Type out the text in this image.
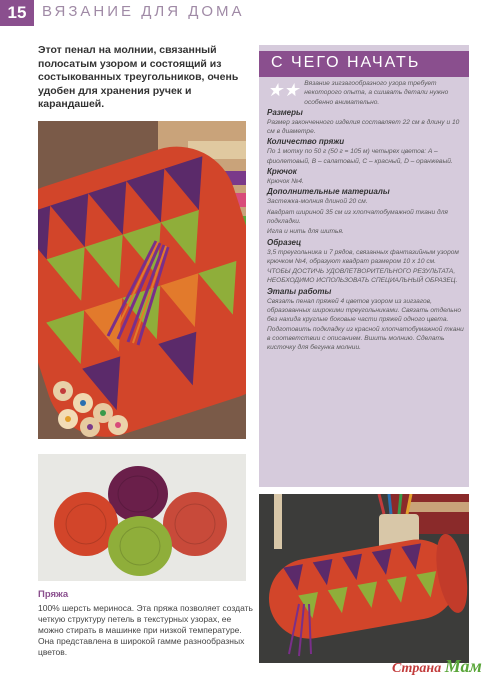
15	ВЯЗАНИЕ ДЛЯ ДОМА
Этот пенал на молнии, связанный полосатым узором и состоящий из состыкованных треугольников, очень удобен для хранения ручек и карандашей.
С ЧЕГО НАЧАТЬ

★★ Вязание зигзагообразного узора требует некоторого опыта, а сшивать детали нужно особенно внимательно.

Размеры

Размер законченного изделия составляет 22 см в длину и 10 см в диаметре.

Количество пряжи

По 1 мотку по 50 г (50 г = 105 м) четырех цветов: A – фиолетовый, B – салатовый, C – красный, D – оранжевый.

Крючок

Крючок №4.

Дополнительные материалы

Застежка-молния длиной 20 см.

Квадрат шириной 35 см из хлопчатобумажной ткани для подкладки.

Игла и нить для шитья.

Образец

3,5 треугольника и 7 рядов, связанных фантазийным узором крючком №4, образуют квадрат размером 10 x 10 см.

ЧТОБЫ ДОСТИЧЬ УДОВЛЕТВОРИТЕЛЬНОГО РЕЗУЛЬТАТА, НЕОБХОДИМО ИСПОЛЬЗОВАТЬ СПЕЦИАЛЬНЫЙ ОБРАЗЕЦ.

Этапы работы

Связать пенал пряжей 4 цветов узором из зигзагов, образованных широкими треугольниками. Связать отдельно без нахида круглые боковые части пряжей одного цвета. Подготовить подкладку из красной хлопчатобумажной ткани в соответствии с описанием. Вшить молнию. Сделать кисточку для бегунка молнии.

Пряжа
100% шерсть мериноса. Эта пряжа позволяет создать четкую структуру петель в текстурных узорах, ее можно стирать в машинке при низкой температуре. Она представлена в широкой гамме разнообразных цветов.
Страна Мам
